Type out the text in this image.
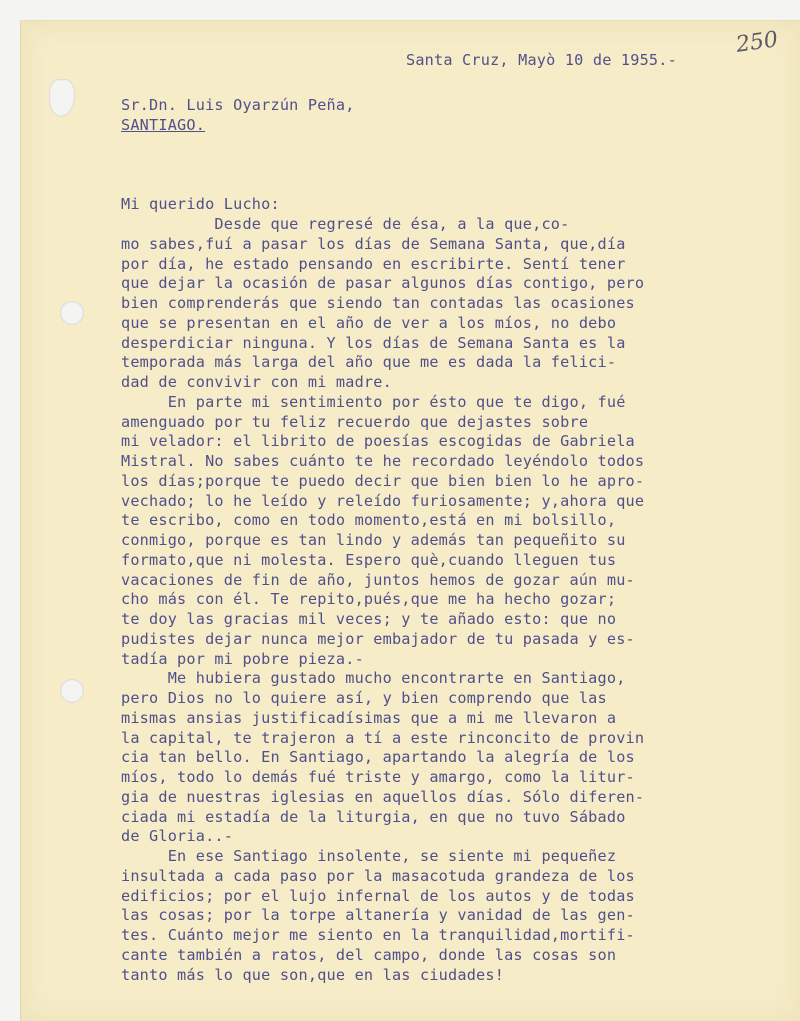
250
Santa Cruz, Mayò 10 de 1955.-
Sr.Dn. Luis Oyarzún Peña,
SANTIAGO.
Mi querido Lucho:
Desde que regresé de ésa, a la que,co-
mo sabes,fuí a pasar los días de Semana Santa, que,día
por día, he estado pensando en escribirte. Sentí tener
que dejar la ocasión de pasar algunos días contigo, pero
bien comprenderás que siendo tan contadas las ocasiones
que se presentan en el año de ver a los míos, no debo
desperdiciar ninguna. Y los días de Semana Santa es la
temporada más larga del año que me es dada la felici-
dad de convivir con mi madre.
En parte mi sentimiento por ésto que te digo, fué
amenguado por tu feliz recuerdo que dejastes sobre
mi velador: el librito de poesías escogidas de Gabriela
Mistral. No sabes cuánto te he recordado leyéndolo todos
los días;porque te puedo decir que bien bien lo he apro-
vechado; lo he leído y releído furiosamente; y,ahora que
te escribo, como en todo momento,está en mi bolsillo,
conmigo, porque es tan lindo y además tan pequeñito su
formato,que ni molesta. Espero què,cuando lleguen tus
vacaciones de fin de año, juntos hemos de gozar aún mu-
cho más con él. Te repito,pués,que me ha hecho gozar;
te doy las gracias mil veces; y te añado esto: que no
pudistes dejar nunca mejor embajador de tu pasada y es-
tadía por mi pobre pieza.-
Me hubiera gustado mucho encontrarte en Santiago,
pero Dios no lo quiere así, y bien comprendo que las
mismas ansias justificadísimas que a mi me llevaron a
la capital, te trajeron a tí a este rinconcito de provin
cia tan bello. En Santiago, apartando la alegría de los
míos, todo lo demás fué triste y amargo, como la litur-
gia de nuestras iglesias en aquellos días. Sólo diferen-
ciada mi estadía de la liturgia, en que no tuvo Sábado
de Gloria..-
En ese Santiago insolente, se siente mi pequeñez
insultada a cada paso por la masacotuda grandeza de los
edificios; por el lujo infernal de los autos y de todas
las cosas; por la torpe altanería y vanidad de las gen-
tes. Cuánto mejor me siento en la tranquilidad,mortifi-
cante también a ratos, del campo, donde las cosas son
tanto más lo que son,que en las ciudades!
